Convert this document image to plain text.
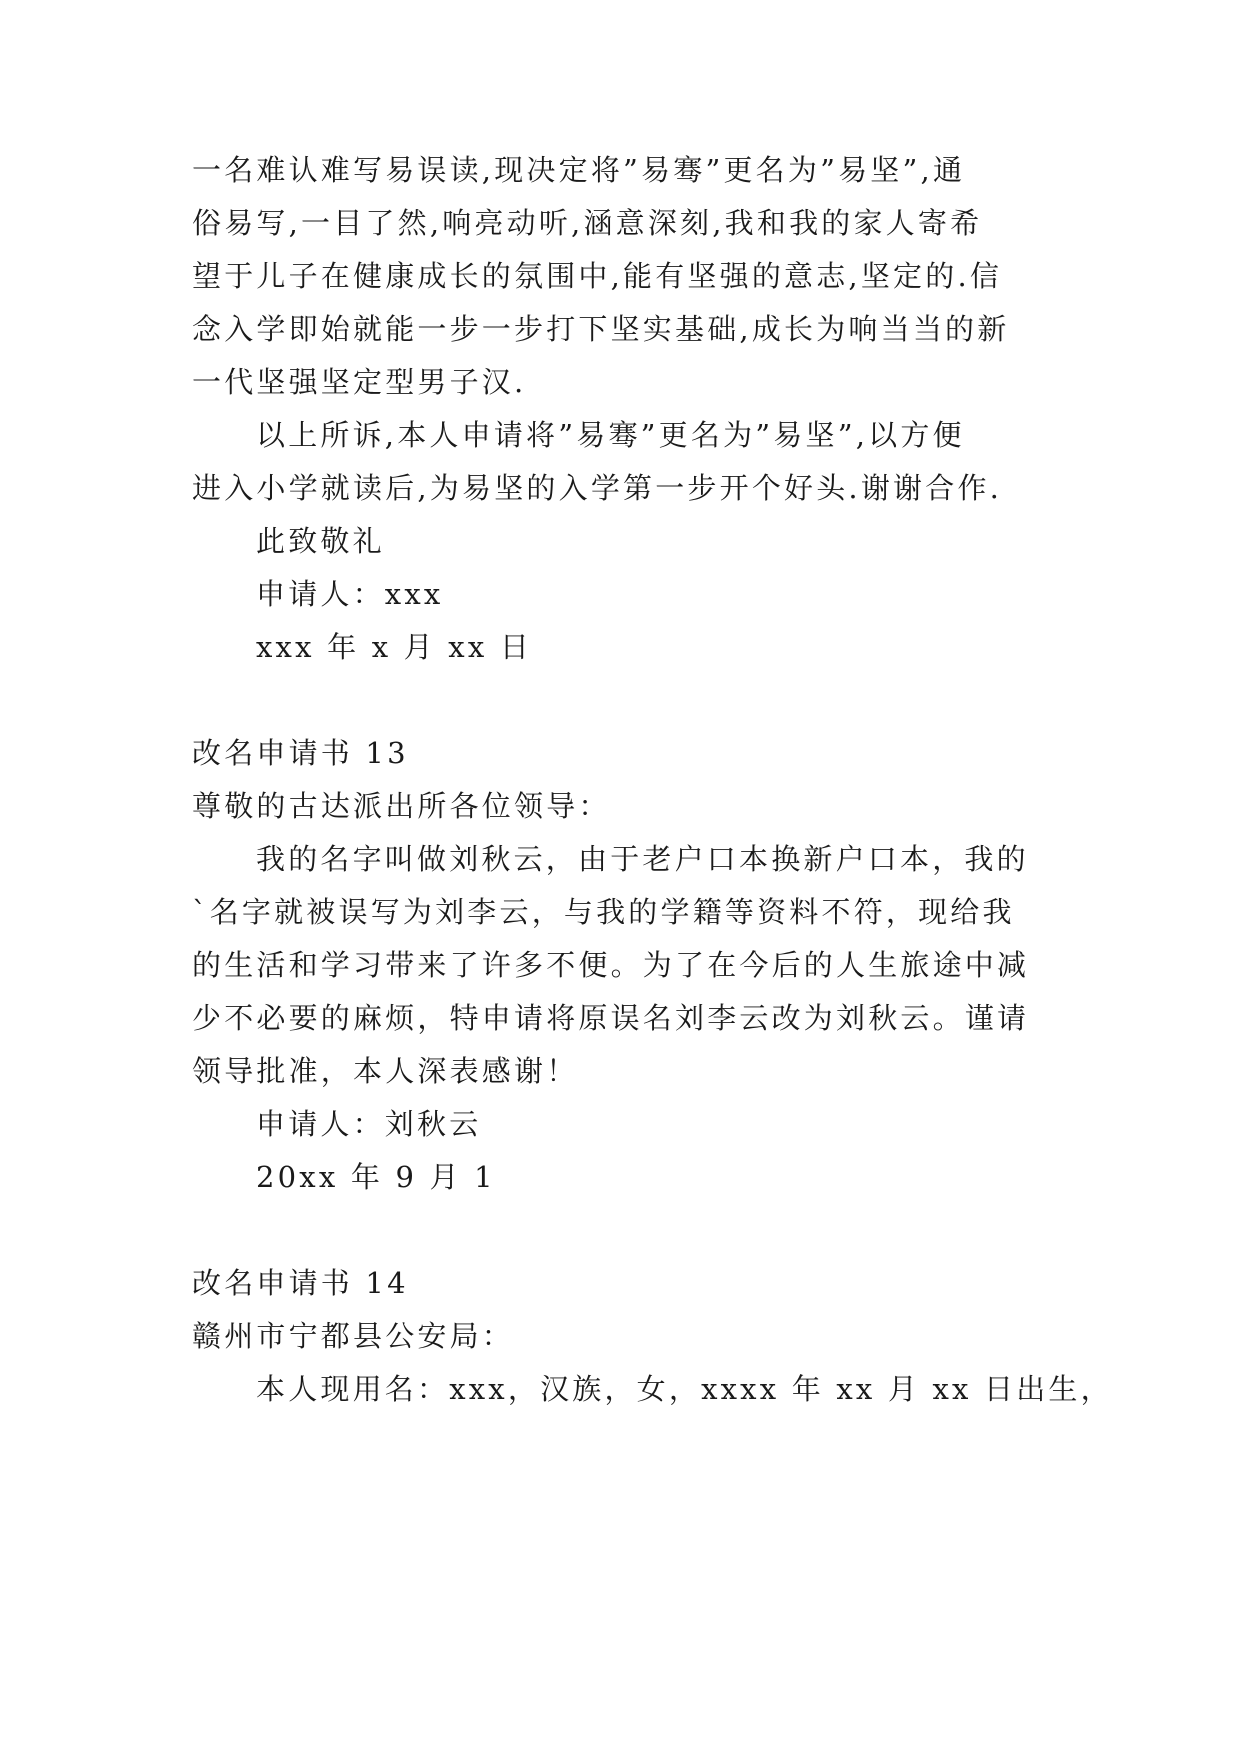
一名难认难写易误读,现决定将”易骞”更名为”易坚”,通
俗易写,一目了然,响亮动听,涵意深刻,我和我的家人寄希
望于儿子在健康成长的氛围中,能有坚强的意志,坚定的.信
念入学即始就能一步一步打下坚实基础,成长为响当当的新
一代坚强坚定型男子汉.
以上所诉,本人申请将”易骞”更名为”易坚”,以方便
进入小学就读后,为易坚的入学第一步开个好头.谢谢合作.
此致敬礼
申请人：xxx
xxx 年 x 月 xx 日
改名申请书 13
尊敬的古达派出所各位领导：
我的名字叫做刘秋云，由于老户口本换新户口本，我的
`名字就被误写为刘李云，与我的学籍等资料不符，现给我
的生活和学习带来了许多不便。为了在今后的人生旅途中减
少不必要的麻烦，特申请将原误名刘李云改为刘秋云。谨请
领导批准，本人深表感谢！
申请人：刘秋云
20xx 年 9 月 1
改名申请书 14
赣州市宁都县公安局：
本人现用名：xxx，汉族，女，xxxx 年 xx 月 xx 日出生，
